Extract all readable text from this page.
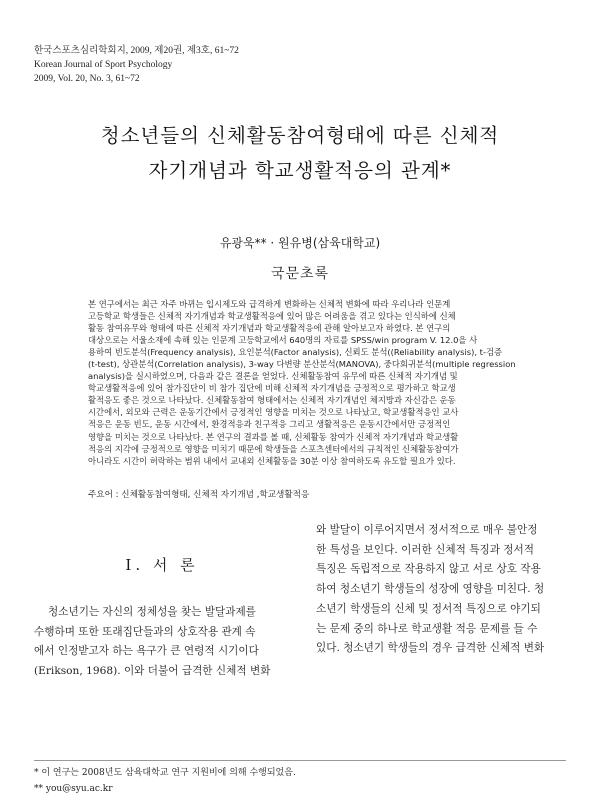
한국스포츠심리학회지, 2009, 제20권, 제3호, 61~72
Korean Journal of Sport Psychology
2009, Vol. 20, No. 3, 61~72
청소년들의 신체활동참여형태에 따른 신체적
자기개념과 학교생활적응의 관계*
유광욱** · 원유병(삼육대학교)
국문초록
본 연구에서는 최근 자주 바뀌는 입시제도와 급격하게 변화하는 신체적 변화에 따라 우리나라 인문계
고등학교 학생들은 신체적 자기개념과 학교생활적응에 있어 많은 어려움을 겪고 있다는 인식하에 신체
활동 참여유무와 형태에 따른 신체적 자기개념과 학교생활적응에 관해 알아보고자 하였다. 본 연구의
대상으로는 서울소재에 속해 있는 인문계 고등학교에서 640명의 자료를 SPSS/win program V. 12.0을 사
용하여 빈도분석(Frequency analysis), 요인분석(Factor analysis), 신뢰도 분석((Reliability analysis), t-검증
(t-test), 상관분석(Correlation analysis), 3-way 다변량 분산분석(MANOVA), 중다회귀분석(multiple regression
analysis)을 실시하였으며, 다음과 같은 결론을 얻었다. 신체활동참여 유무에 따른 신체적 자기개념 및
학교생활적응에 있어 참가집단이 비 참가 집단에 비해 신체적 자기개념을 긍정적으로 평가하고 학교생
활적응도 좋은 것으로 나타났다. 신체활동참여 형태에서는 신체적 자기개념인 체지방과 자신감은 운동
시간에서, 외모와 근력은 운동기간에서 긍정적인 영향을 미치는 것으로 나타났고, 학교생활적응인 교사
적응은 운동 빈도, 운동 시간에서, 환경적응과 친구적응 그리고 생활적응은 운동시간에서만 긍정적인
영향을 미치는 것으로 나타났다. 본 연구의 결과를 볼 때, 신체활동 참여가 신체적 자기개념과 학교생활
적응의 지각에 긍정적으로 영향을 미치기 때문에 학생들을 스포츠센터에서의 규칙적인 신체활동참여가
아니라도 시간이 허락하는 범위 내에서 교내외 신체활동을 30분 이상 참여하도록 유도할 필요가 있다.
주요어 : 신체활동참여형태, 신체적 자기개념 ,학교생활적응
Ⅰ. 서 론
청소년기는 자신의 정체성을 찾는 발달과제를
수행하며 또한 또래집단들과의 상호작용 관계 속
에서 인정받고자 하는 욕구가 큰 연령적 시기이다
(Erikson, 1968). 이와 더불어 급격한 신체적 변화
와 발달이 이루어지면서 정서적으로 매우 불안정
한 특성을 보인다. 이러한 신체적 특징과 정서적
특징은 독립적으로 작용하지 않고 서로 상호 작용
하여 청소년기 학생들의 성장에 영향을 미친다. 청
소년기 학생들의 신체 및 정서적 특징으로 야기되
는 문제 중의 하나로 학교생활 적응 문제를 들 수
있다. 청소년기 학생들의 경우 급격한 신체적 변화
* 이 연구는 2008년도 삼육대학교 연구 지원비에 의해 수행되었음.
** you@syu.ac.kr
